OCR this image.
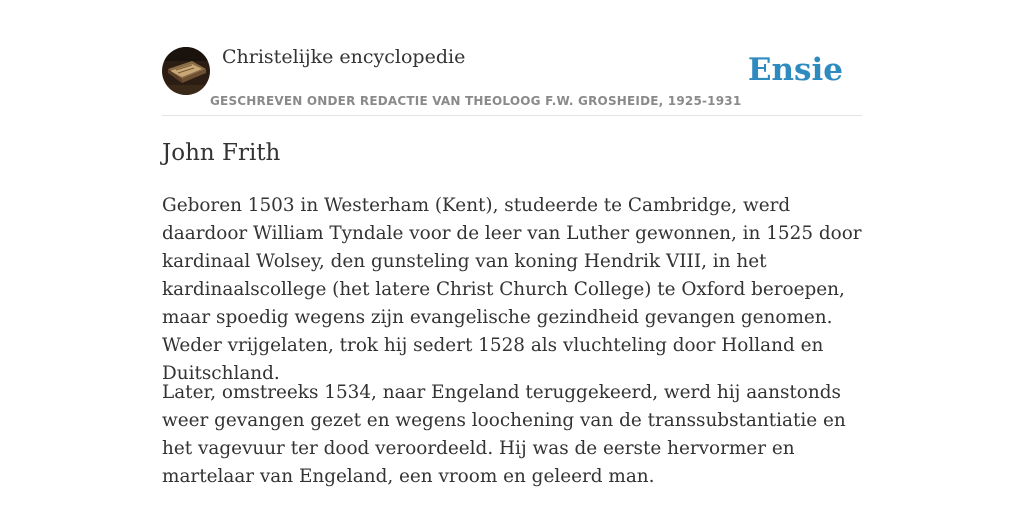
Christelijke encyclopedie
GESCHREVEN ONDER REDACTIE VAN THEOLOOG F.W. GROSHEIDE, 1925-1931
Ensie
John Frith

Geboren 1503 in Westerham (Kent), studeerde te Cambridge, werd daardoor William Tyndale voor de leer van Luther gewonnen, in 1525 door kardinaal Wolsey, den gunsteling van koning Hendrik VIII, in het kardinaalscollege (het latere Christ Church College) te Oxford beroepen, maar spoedig wegens zijn evangelische gezindheid gevangen genomen. Weder vrijgelaten, trok hij sedert 1528 als vluchteling door Holland en Duitschland.

Later, omstreeks 1534, naar Engeland teruggekeerd, werd hij aanstonds weer gevangen gezet en wegens loochening van de transsubstantiatie en het vagevuur ter dood veroordeeld. Hij was de eerste hervormer en martelaar van Engeland, een vroom en geleerd man.
